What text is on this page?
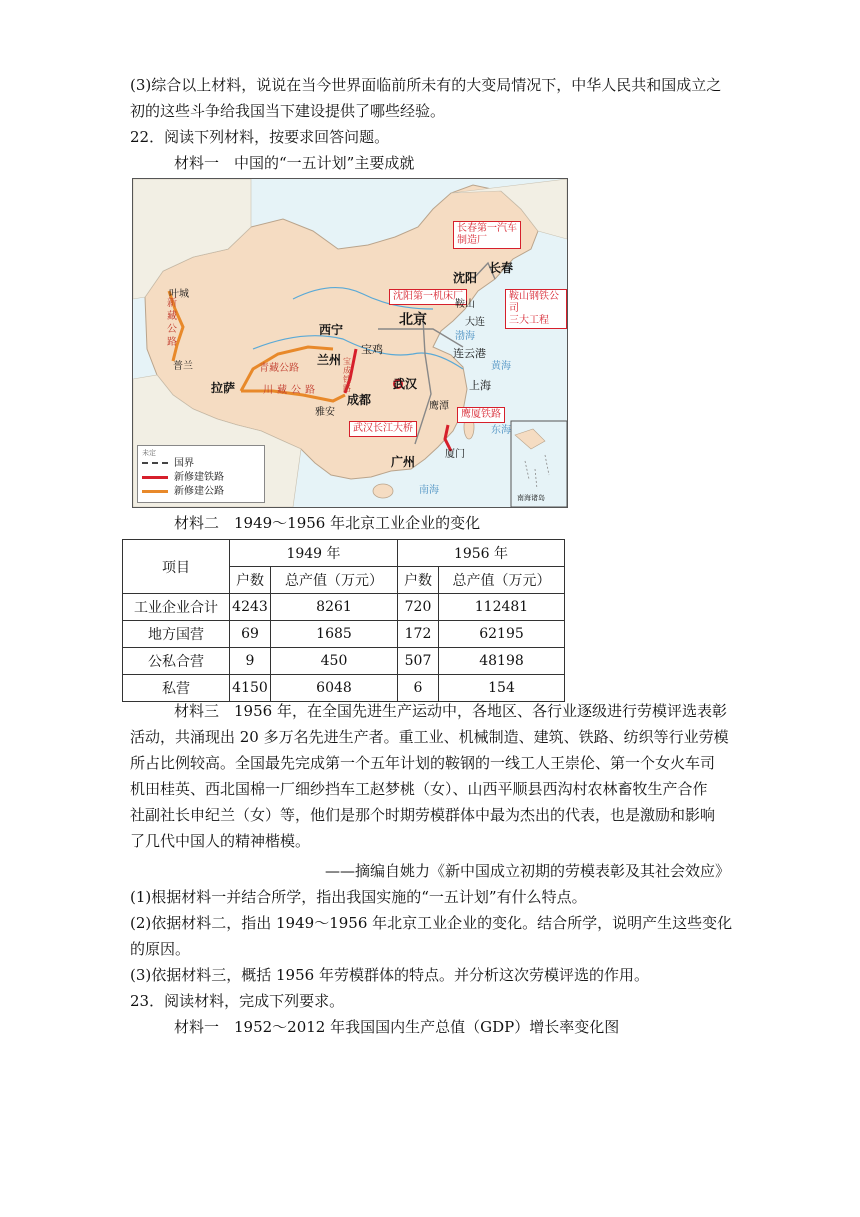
(3)综合以上材料，说说在当今世界面临前所未有的大变局情况下，中华人民共和国成立之
初的这些斗争给我国当下建设提供了哪些经验。
22．阅读下列材料，按要求回答问题。
材料一　中国的“一五计划”主要成就
长春第一汽车
制造厂
沈阳第一机床厂	鞍山钢铁公司
三大工程
武汉长江大桥
鹰厦铁路
叶城
普兰
拉萨
西宁
兰州
宝鸡
成都
雅安
北京
沈阳
长春
鞍山
大连
连云港
上海
武汉
鹰潭
厦门
广州
新
藏
公
路
青藏公路
川藏公路
宝
成
铁
路
渤海
黄海
东海
南海
南海诸岛
未定
国界
新修建铁路
新修建公路
材料二　1949～1956 年北京工业企业的变化
项目	1949 年		1956 年	
	户数	总产值（万元）	户数	总产值（万元）
工业企业合计	4243	8261	720	112481
地方国营	69	1685	172	62195
公私合营	9	450	507	48198
私营	4150	6048	6	154
材料三　1956 年，在全国先进生产运动中，各地区、各行业逐级进行劳模评选表彰
活动，共涌现出 20 多万名先进生产者。重工业、机械制造、建筑、铁路、纺织等行业劳模
所占比例较高。全国最先完成第一个五年计划的鞍钢的一线工人王崇伦、第一个女火车司
机田桂英、西北国棉一厂细纱挡车工赵梦桃（女）、山西平顺县西沟村农林畜牧生产合作
社副社长申纪兰（女）等，他们是那个时期劳模群体中最为杰出的代表，也是激励和影响
了几代中国人的精神楷模。
——摘编自姚力《新中国成立初期的劳模表彰及其社会效应》
(1)根据材料一并结合所学，指出我国实施的“一五计划”有什么特点。
(2)依据材料二，指出 1949～1956 年北京工业企业的变化。结合所学，说明产生这些变化
的原因。
(3)依据材料三，概括 1956 年劳模群体的特点。并分析这次劳模评选的作用。
23．阅读材料，完成下列要求。
材料一　1952～2012 年我国国内生产总值（GDP）增长率变化图
